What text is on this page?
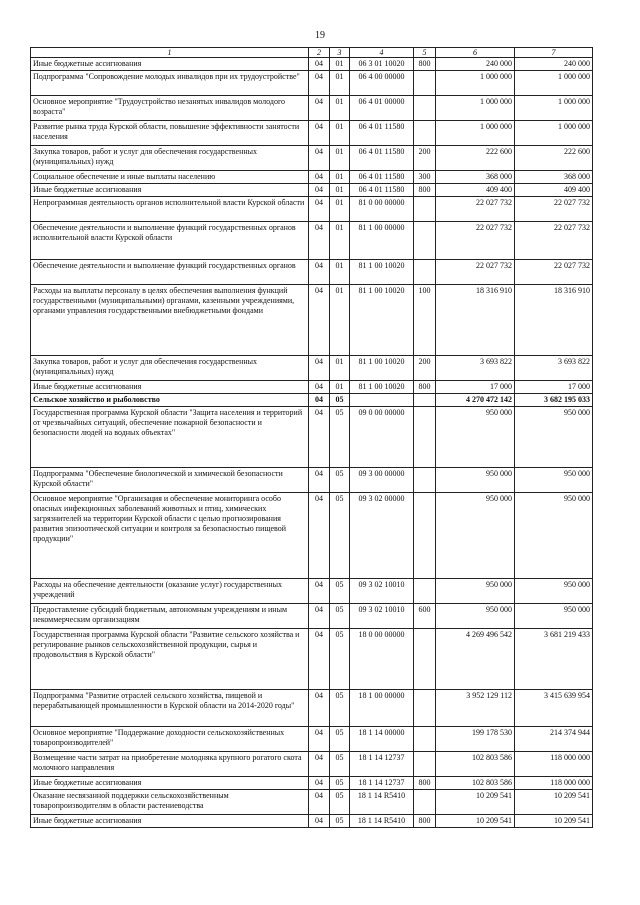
19
1	2	3	4	5	6	7
Иные бюджетные ассигнования	04	01	06 3 01 10020	800	240 000	240 000
Подпрограмма "Сопровождение молодых инвалидов при их трудоустройстве"	04	01	06 4 00 00000		1 000 000	1 000 000
Основное мероприятие "Трудоустройство незанятых инвалидов молодого возраста"	04	01	06 4 01 00000		1 000 000	1 000 000
Развитие рынка труда Курской области, повышение эффективности занятости населения	04	01	06 4 01 11580		1 000 000	1 000 000
Закупка товаров, работ и услуг для обеспечения государственных (муниципальных) нужд	04	01	06 4 01 11580	200	222 600	222 600
Социальное обеспечение и иные выплаты населению	04	01	06 4 01 11580	300	368 000	368 000
Иные бюджетные ассигнования	04	01	06 4 01 11580	800	409 400	409 400
Непрограммная деятельность органов исполнительной власти Курской области	04	01	81 0 00 00000		22 027 732	22 027 732
Обеспечение деятельности и выполнение функций государственных органов исполнительной власти Курской области	04	01	81 1 00 00000		22 027 732	22 027 732
Обеспечение деятельности и выполнение функций государственных органов	04	01	81 1 00 10020		22 027 732	22 027 732
Расходы на выплаты персоналу в целях обеспечения выполнения функций государственными (муниципальными) органами, казенными учреждениями, органами управления государственными внебюджетными фондами	04	01	81 1 00 10020	100	18 316 910	18 316 910
Закупка товаров, работ и услуг для обеспечения государственных (муниципальных) нужд	04	01	81 1 00 10020	200	3 693 822	3 693 822
Иные бюджетные ассигнования	04	01	81 1 00 10020	800	17 000	17 000
Сельское хозяйство и рыболовство	04	05			4 270 472 142	3 682 195 033
Государственная программа Курской области "Защита населения и территорий от чрезвычайных ситуаций, обеспечение пожарной безопасности и безопасности людей на водных объектах"	04	05	09 0 00 00000		950 000	950 000
Подпрограмма "Обеспечение биологической и химической безопасности Курской области"	04	05	09 3 00 00000		950 000	950 000
Основное мероприятие "Организация и обеспечение мониторинга особо опасных инфекционных заболеваний животных и птиц, химических загрязнителей на территории Курской области с целью прогнозирования развития эпизоотической ситуации и контроля за безопасностью пищевой продукции"	04	05	09 3 02 00000		950 000	950 000
Расходы на обеспечение деятельности (оказание услуг) государственных учреждений	04	05	09 3 02 10010		950 000	950 000
Предоставление субсидий бюджетным, автономным учреждениям и иным некоммерческим организациям	04	05	09 3 02 10010	600	950 000	950 000
Государственная программа Курской области "Развитие сельского хозяйства и регулирование рынков сельскохозяйственной продукции, сырья и продовольствия в Курской области"	04	05	18 0 00 00000		4 269 496 542	3 681 219 433
Подпрограмма "Развитие отраслей сельского хозяйства, пищевой и перерабатывающей промышленности в Курской области на 2014-2020 годы"	04	05	18 1 00 00000		3 952 129 112	3 415 639 954
Основное мероприятие "Поддержание доходности сельскохозяйственных товаропроизводителей"	04	05	18 1 14 00000		199 178 530	214 374 944
Возмещение части затрат на приобретение молодняка крупного рогатого скота молочного направления	04	05	18 1 14 12737		102 803 586	118 000 000
Иные бюджетные ассигнования	04	05	18 1 14 12737	800	102 803 586	118 000 000
Оказание несвязанной поддержки сельскохозяйственным товаропроизводителям в области растениеводства	04	05	18 1 14 R5410		10 209 541	10 209 541
Иные бюджетные ассигнования	04	05	18 1 14 R5410	800	10 209 541	10 209 541
